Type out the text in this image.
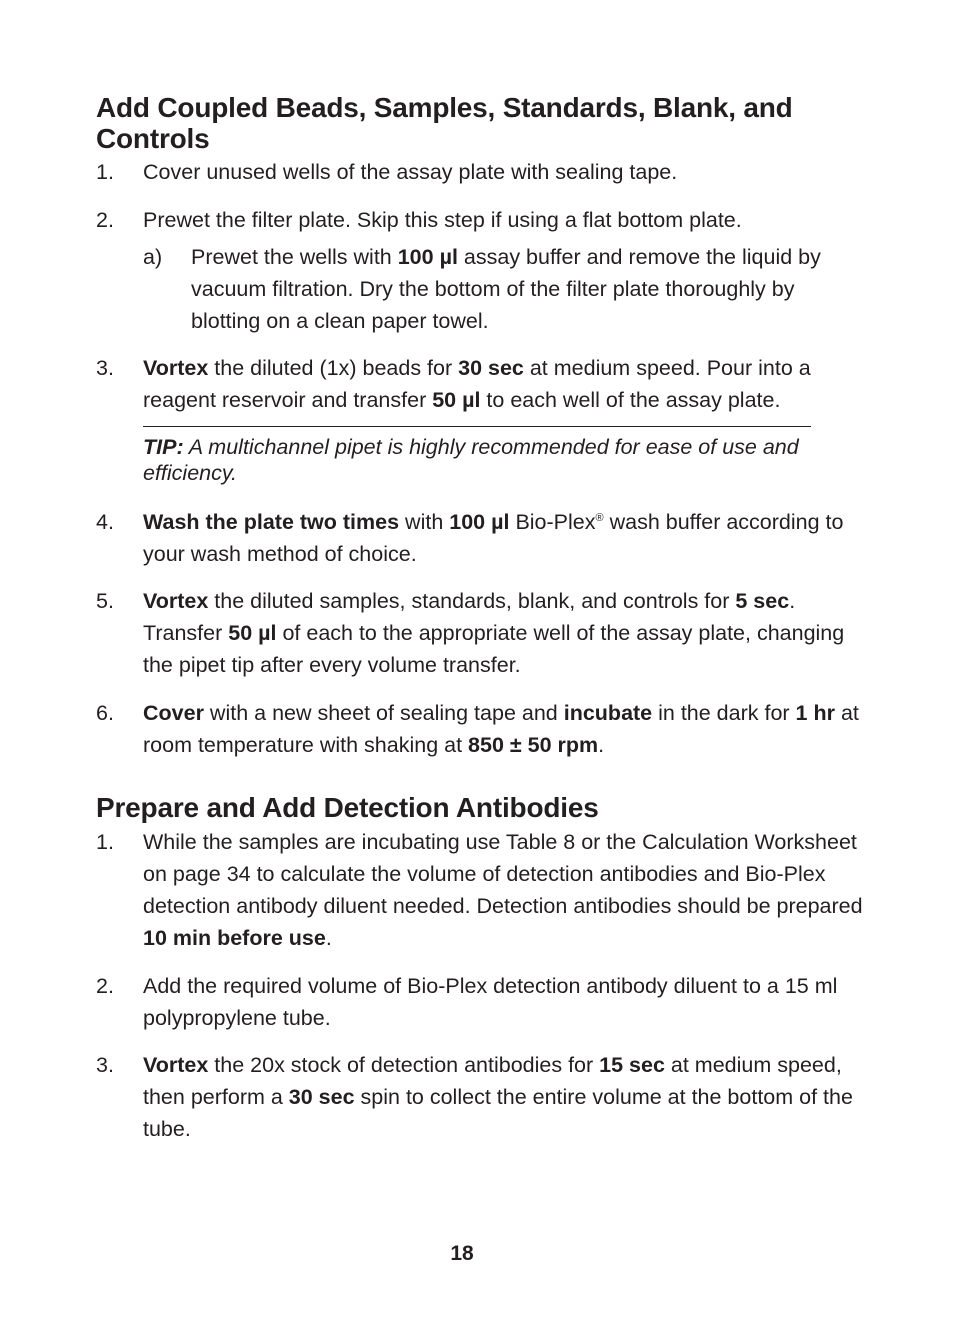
Add Coupled Beads, Samples, Standards, Blank, and Controls
1.	Cover unused wells of the assay plate with sealing tape.
2.	Prewet the filter plate. Skip this step if using a flat bottom plate.
a)	Prewet the wells with 100 µl assay buffer and remove the liquid by vacuum filtration. Dry the bottom of the filter plate thoroughly by blotting on a clean paper towel.
3.	Vortex the diluted (1x) beads for 30 sec at medium speed. Pour into a reagent reservoir and transfer 50 µl to each well of the assay plate.
TIP: A multichannel pipet is highly recommended for ease of use and efficiency.
4.	Wash the plate two times with 100 µl Bio-Plex® wash buffer according to your wash method of choice.
5.	Vortex the diluted samples, standards, blank, and controls for 5 sec. Transfer 50 µl of each to the appropriate well of the assay plate, changing the pipet tip after every volume transfer.
6.	Cover with a new sheet of sealing tape and incubate in the dark for 1 hr at room temperature with shaking at 850 ± 50 rpm.
Prepare and Add Detection Antibodies
1.	While the samples are incubating use Table 8 or the Calculation Worksheet on page 34 to calculate the volume of detection antibodies and Bio-Plex detection antibody diluent needed. Detection antibodies should be prepared 10 min before use.
2.	Add the required volume of Bio-Plex detection antibody diluent to a 15 ml polypropylene tube.
3.	Vortex the 20x stock of detection antibodies for 15 sec at medium speed, then perform a 30 sec spin to collect the entire volume at the bottom of the tube.
18
